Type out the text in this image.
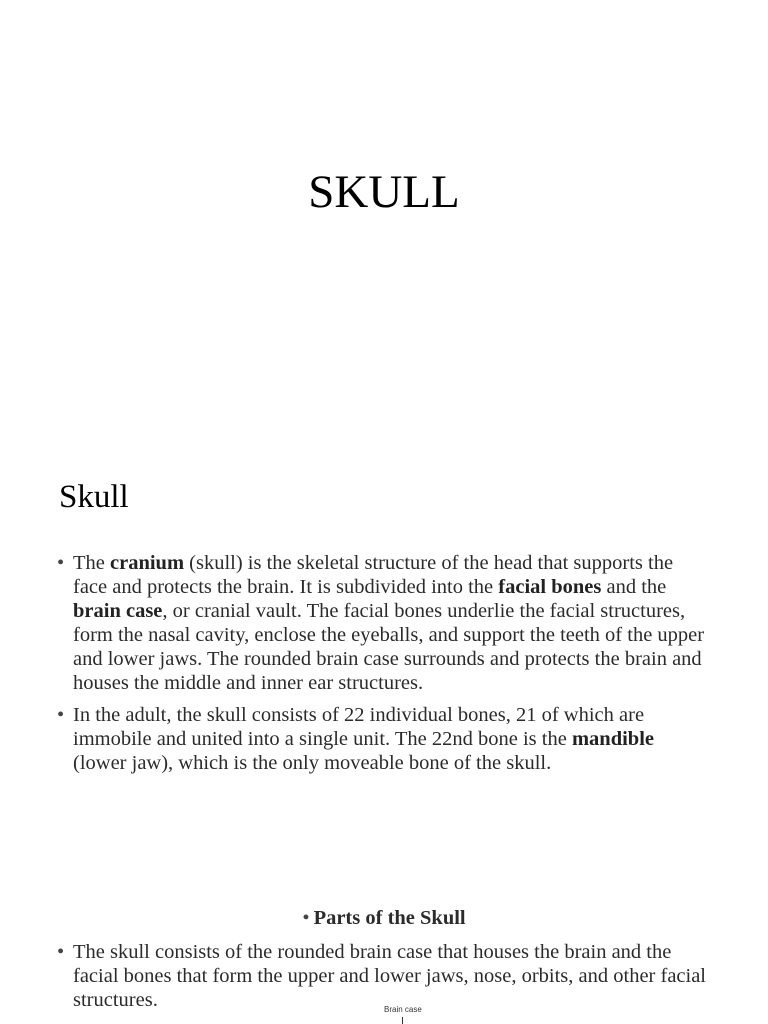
SKULL
Skull
• The cranium (skull) is the skeletal structure of the head that supports the face and protects the brain. It is subdivided into the facial bones and the brain case, or cranial vault. The facial bones underlie the facial structures, form the nasal cavity, enclose the eyeballs, and support the teeth of the upper and lower jaws. The rounded brain case surrounds and protects the brain and houses the middle and inner ear structures.
• In the adult, the skull consists of 22 individual bones, 21 of which are immobile and united into a single unit. The 22nd bone is the mandible (lower jaw), which is the only moveable bone of the skull.

• Parts of the Skull

• The skull consists of the rounded brain case that houses the brain and the facial bones that form the upper and lower jaws, nose, orbits, and other facial structures.	Brain case
